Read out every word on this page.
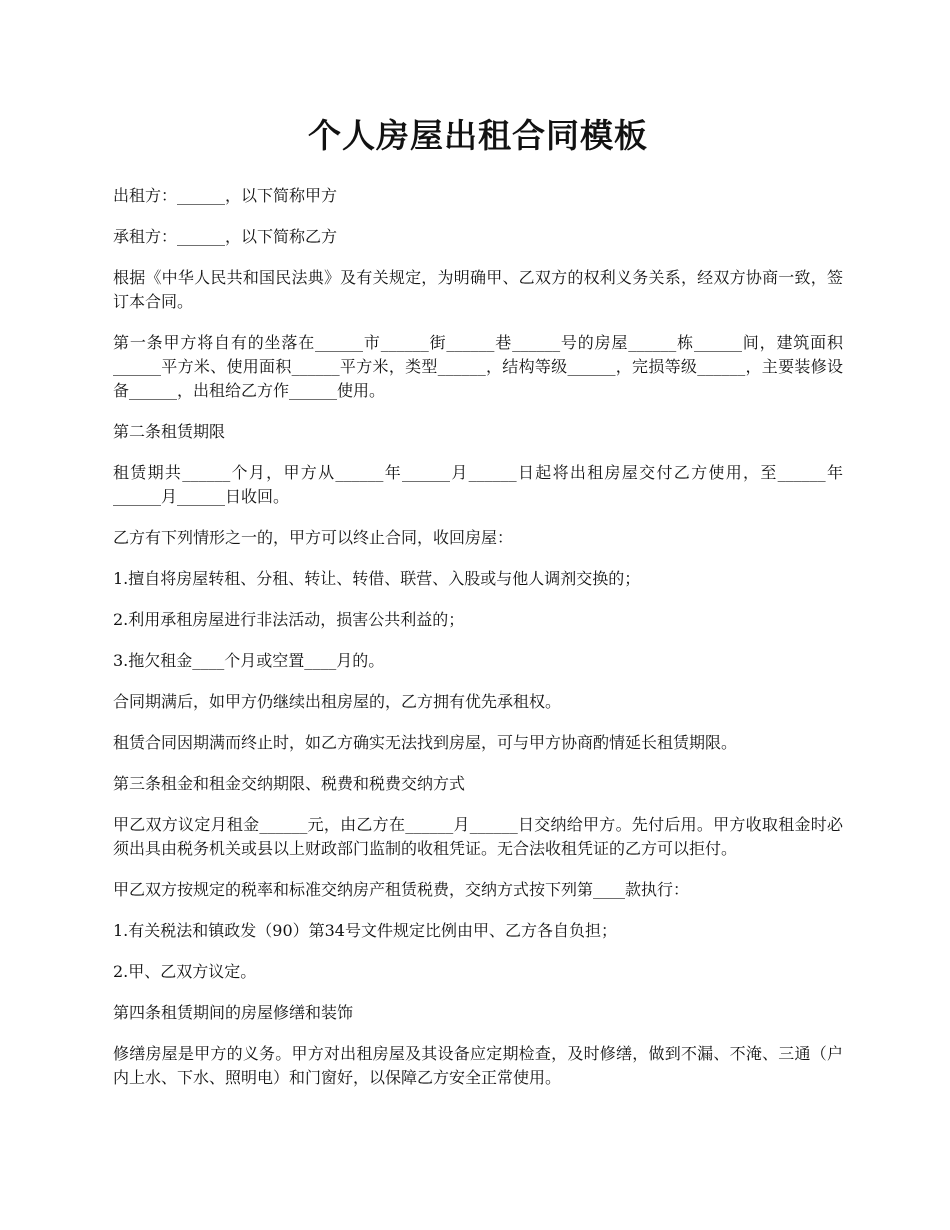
个人房屋出租合同模板

出租方：______，以下简称甲方

承租方：______，以下简称乙方

根据《中华人民共和国民法典》及有关规定，为明确甲、乙双方的权利义务关系，经双方协商一致，签订本合同。

第一条甲方将自有的坐落在______市______街______巷______号的房屋______栋______间，建筑面积______平方米、使用面积______平方米，类型______，结构等级______，完损等级______，主要装修设备______，出租给乙方作______使用。

第二条租赁期限

租赁期共______个月，甲方从______年______月______日起将出租房屋交付乙方使用，至______年______月______日收回。

乙方有下列情形之一的，甲方可以终止合同，收回房屋：

1.擅自将房屋转租、分租、转让、转借、联营、入股或与他人调剂交换的；

2.利用承租房屋进行非法活动，损害公共利益的；

3.拖欠租金____个月或空置____月的。

合同期满后，如甲方仍继续出租房屋的，乙方拥有优先承租权。

租赁合同因期满而终止时，如乙方确实无法找到房屋，可与甲方协商酌情延长租赁期限。

第三条租金和租金交纳期限、税费和税费交纳方式

甲乙双方议定月租金______元，由乙方在______月______日交纳给甲方。先付后用。甲方收取租金时必须出具由税务机关或县以上财政部门监制的收租凭证。无合法收租凭证的乙方可以拒付。

甲乙双方按规定的税率和标准交纳房产租赁税费，交纳方式按下列第____款执行：

1.有关税法和镇政发（90）第34号文件规定比例由甲、乙方各自负担；

2.甲、乙双方议定。

第四条租赁期间的房屋修缮和装饰

修缮房屋是甲方的义务。甲方对出租房屋及其设备应定期检查，及时修缮，做到不漏、不淹、三通（户内上水、下水、照明电）和门窗好，以保障乙方安全正常使用。
